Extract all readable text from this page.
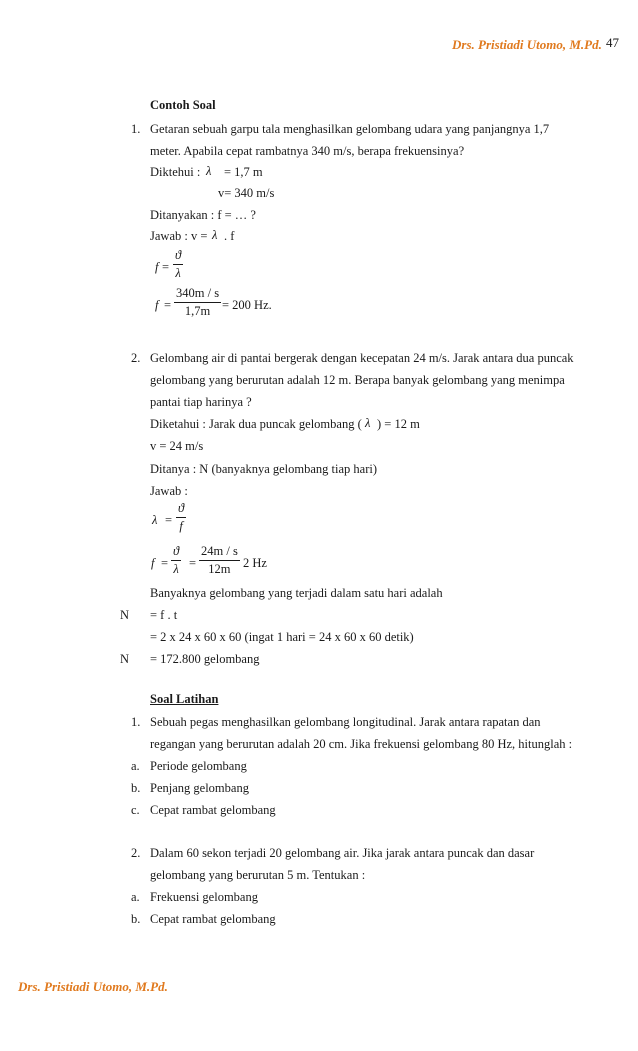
Drs. Pristiadi Utomo, M.Pd. 47
Contoh Soal
1. Getaran sebuah garpu tala menghasilkan gelombang udara yang panjangnya 1,7
meter. Apabila cepat rambatnya 340 m/s, berapa frekuensinya?
Diktehui : λ = 1,7 m
v= 340 m/s
Ditanyakan : f = … ?
Jawab : v = λ . f
$f = \frac{ϑ}{\lambda}$
$f = \frac{340m / s}{1,7m} = 200$ Hz.
2. Gelombang air di pantai bergerak dengan kecepatan 24 m/s. Jarak antara dua puncak
gelombang yang berurutan adalah 12 m. Berapa banyak gelombang yang menimpa
pantai tiap harinya ?
Diketahui : Jarak dua puncak gelombang ( λ ) = 12 m
v = 24 m/s
Ditanya : N (banyaknya gelombang tiap hari)
Jawab :
$\lambda = \frac{ϑ}{f}$
$f = \frac{ϑ}{\lambda} = \frac{24m / s}{12m} 2$ Hz
Banyaknya gelombang yang terjadi dalam satu hari adalah
N = f . t
= 2 x 24 x 60 x 60 (ingat 1 hari = 24 x 60 x 60 detik)
N = 172.800 gelombang
Soal Latihan
1. Sebuah pegas menghasilkan gelombang longitudinal. Jarak antara rapatan dan
regangan yang berurutan adalah 20 cm. Jika frekuensi gelombang 80 Hz, hitunglah :
a. Periode gelombang
b. Penjang gelombang
c. Cepat rambat gelombang
2. Dalam 60 sekon terjadi 20 gelombang air. Jika jarak antara puncak dan dasar
gelombang yang berurutan 5 m. Tentukan :
a. Frekuensi gelombang
b. Cepat rambat gelombang
Drs. Pristiadi Utomo, M.Pd.
